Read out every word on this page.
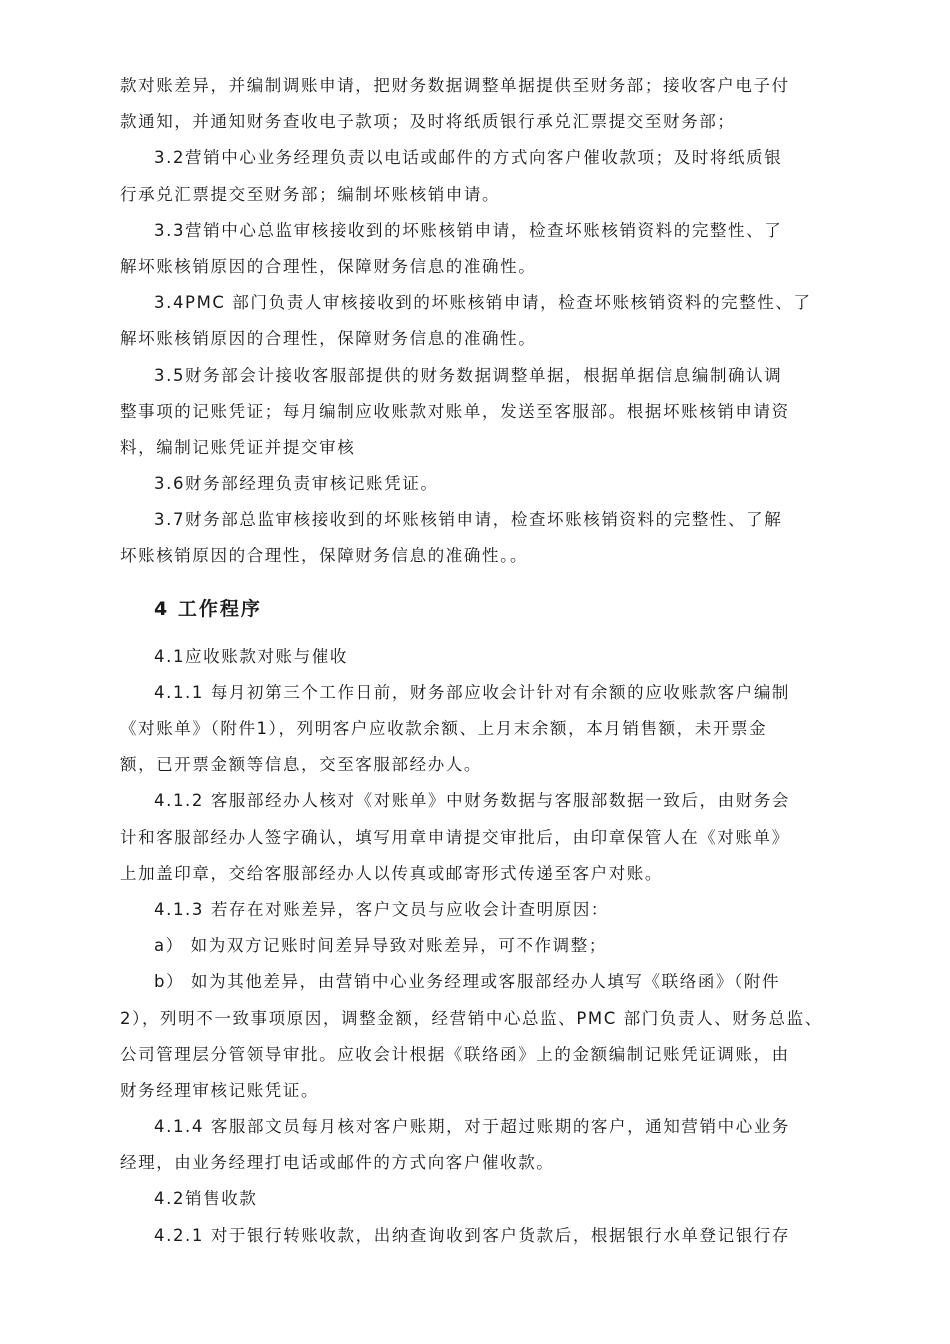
款对账差异，并编制调账申请，把财务数据调整单据提供至财务部；接收客户电子付
款通知，并通知财务查收电子款项；及时将纸质银行承兑汇票提交至财务部；
3.2营销中心业务经理负责以电话或邮件的方式向客户催收款项；及时将纸质银
行承兑汇票提交至财务部；编制坏账核销申请。
3.3营销中心总监审核接收到的坏账核销申请，检查坏账核销资料的完整性、了
解坏账核销原因的合理性，保障财务信息的准确性。
3.4PMC 部门负责人审核接收到的坏账核销申请，检查坏账核销资料的完整性、了
解坏账核销原因的合理性，保障财务信息的准确性。
3.5财务部会计接收客服部提供的财务数据调整单据，根据单据信息编制确认调
整事项的记账凭证；每月编制应收账款对账单，发送至客服部。根据坏账核销申请资
料，编制记账凭证并提交审核
3.6财务部经理负责审核记账凭证。
3.7财务部总监审核接收到的坏账核销申请，检查坏账核销资料的完整性、了解
坏账核销原因的合理性，保障财务信息的准确性。。
4 工作程序
4.1应收账款对账与催收
4.1.1 每月初第三个工作日前，财务部应收会计针对有余额的应收账款客户编制
《对账单》（附件1），列明客户应收款余额、上月末余额，本月销售额，未开票金
额，已开票金额等信息，交至客服部经办人。
4.1.2 客服部经办人核对《对账单》中财务数据与客服部数据一致后，由财务会
计和客服部经办人签字确认，填写用章申请提交审批后，由印章保管人在《对账单》
上加盖印章，交给客服部经办人以传真或邮寄形式传递至客户对账。
4.1.3 若存在对账差异，客户文员与应收会计查明原因：
a） 如为双方记账时间差异导致对账差异，可不作调整；
b） 如为其他差异，由营销中心业务经理或客服部经办人填写《联络函》（附件
2），列明不一致事项原因，调整金额，经营销中心总监、PMC 部门负责人、财务总监、
公司管理层分管领导审批。应收会计根据《联络函》上的金额编制记账凭证调账，由
财务经理审核记账凭证。
4.1.4 客服部文员每月核对客户账期，对于超过账期的客户，通知营销中心业务
经理，由业务经理打电话或邮件的方式向客户催收款。
4.2销售收款
4.2.1 对于银行转账收款，出纳查询收到客户货款后，根据银行水单登记银行存
